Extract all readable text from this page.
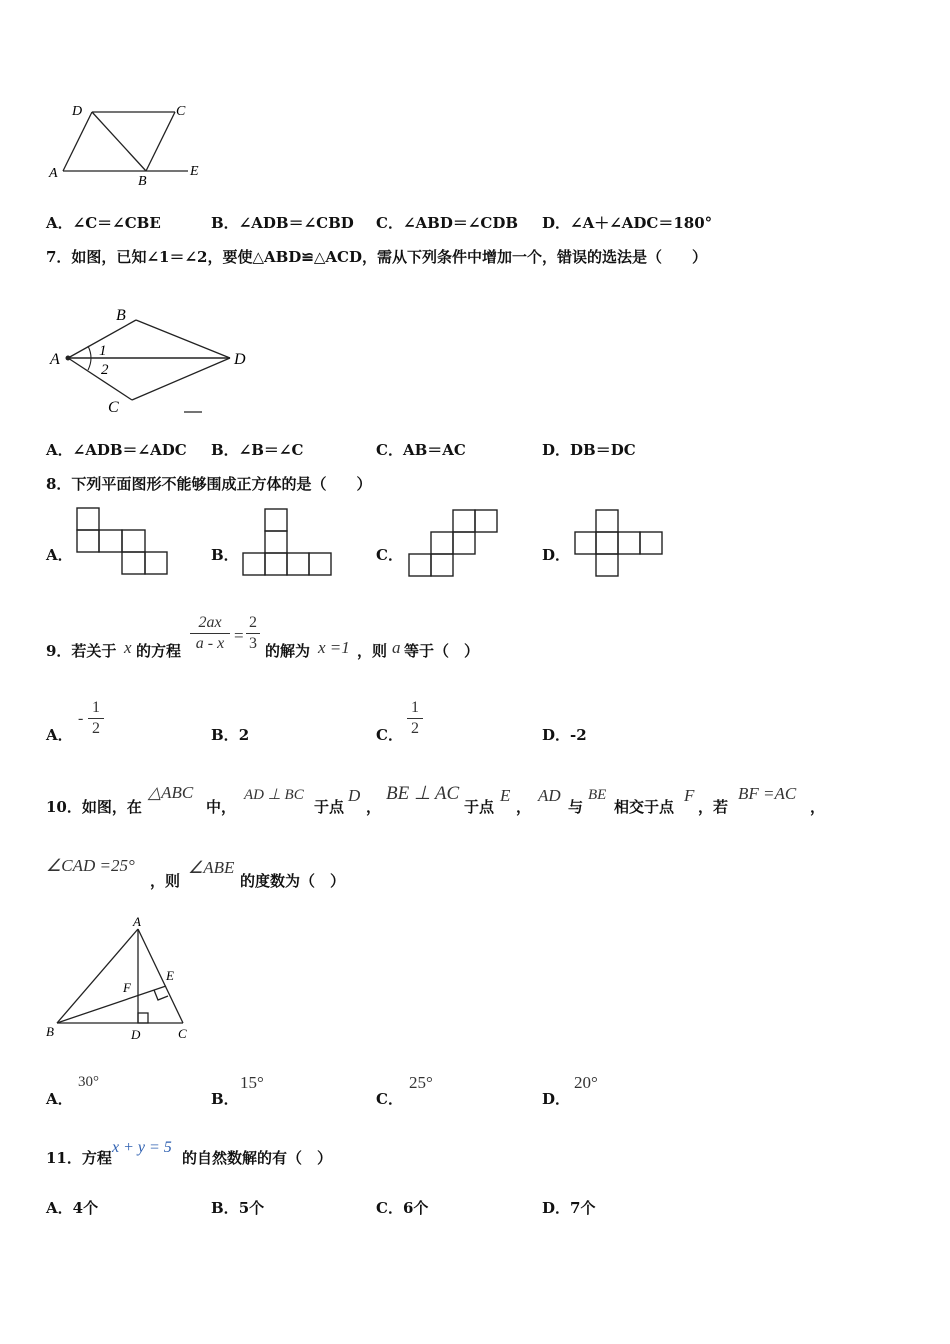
D	C
A
B
E
A．∠C＝∠CBE	B．∠ADB＝∠CBD C．∠ABD＝∠CDB D．∠A＋∠ADC＝180°
7．如图，已知∠1＝∠2，要使△ABD≌△ACD，需从下列条件中增加一个，错误的选法是（　　）
B
A	D
C
1
2
A．∠ADB＝∠ADC B．∠B＝∠C	C．AB＝AC	D．DB＝DC
8．下列平面图形不能够围成正方体的是（　　）
A．	B．	C．	D．
9．若关于 x 的方程
2ax
a - x =
2
3 的解为 x =1 ，则 a 等于（　）
A．
-
1
2	B．2	C．
1
2	D．-2
10．如图，在
△ABC
中，
AD ⊥ BC
于点
D
，
BE ⊥ AC
于点
E
，
AD
与
BE
相交于点
F
，若
BF =AC
，
∠CAD =25°
，则
∠ABE
的度数为（　）
A
E
F
B	D	C
A．
30°
B．
15°
C．
25°
D．
20°
11．方程
x + y = 5
的自然数解的有（　）
A．4个	B．5个	C．6个	D．7个
